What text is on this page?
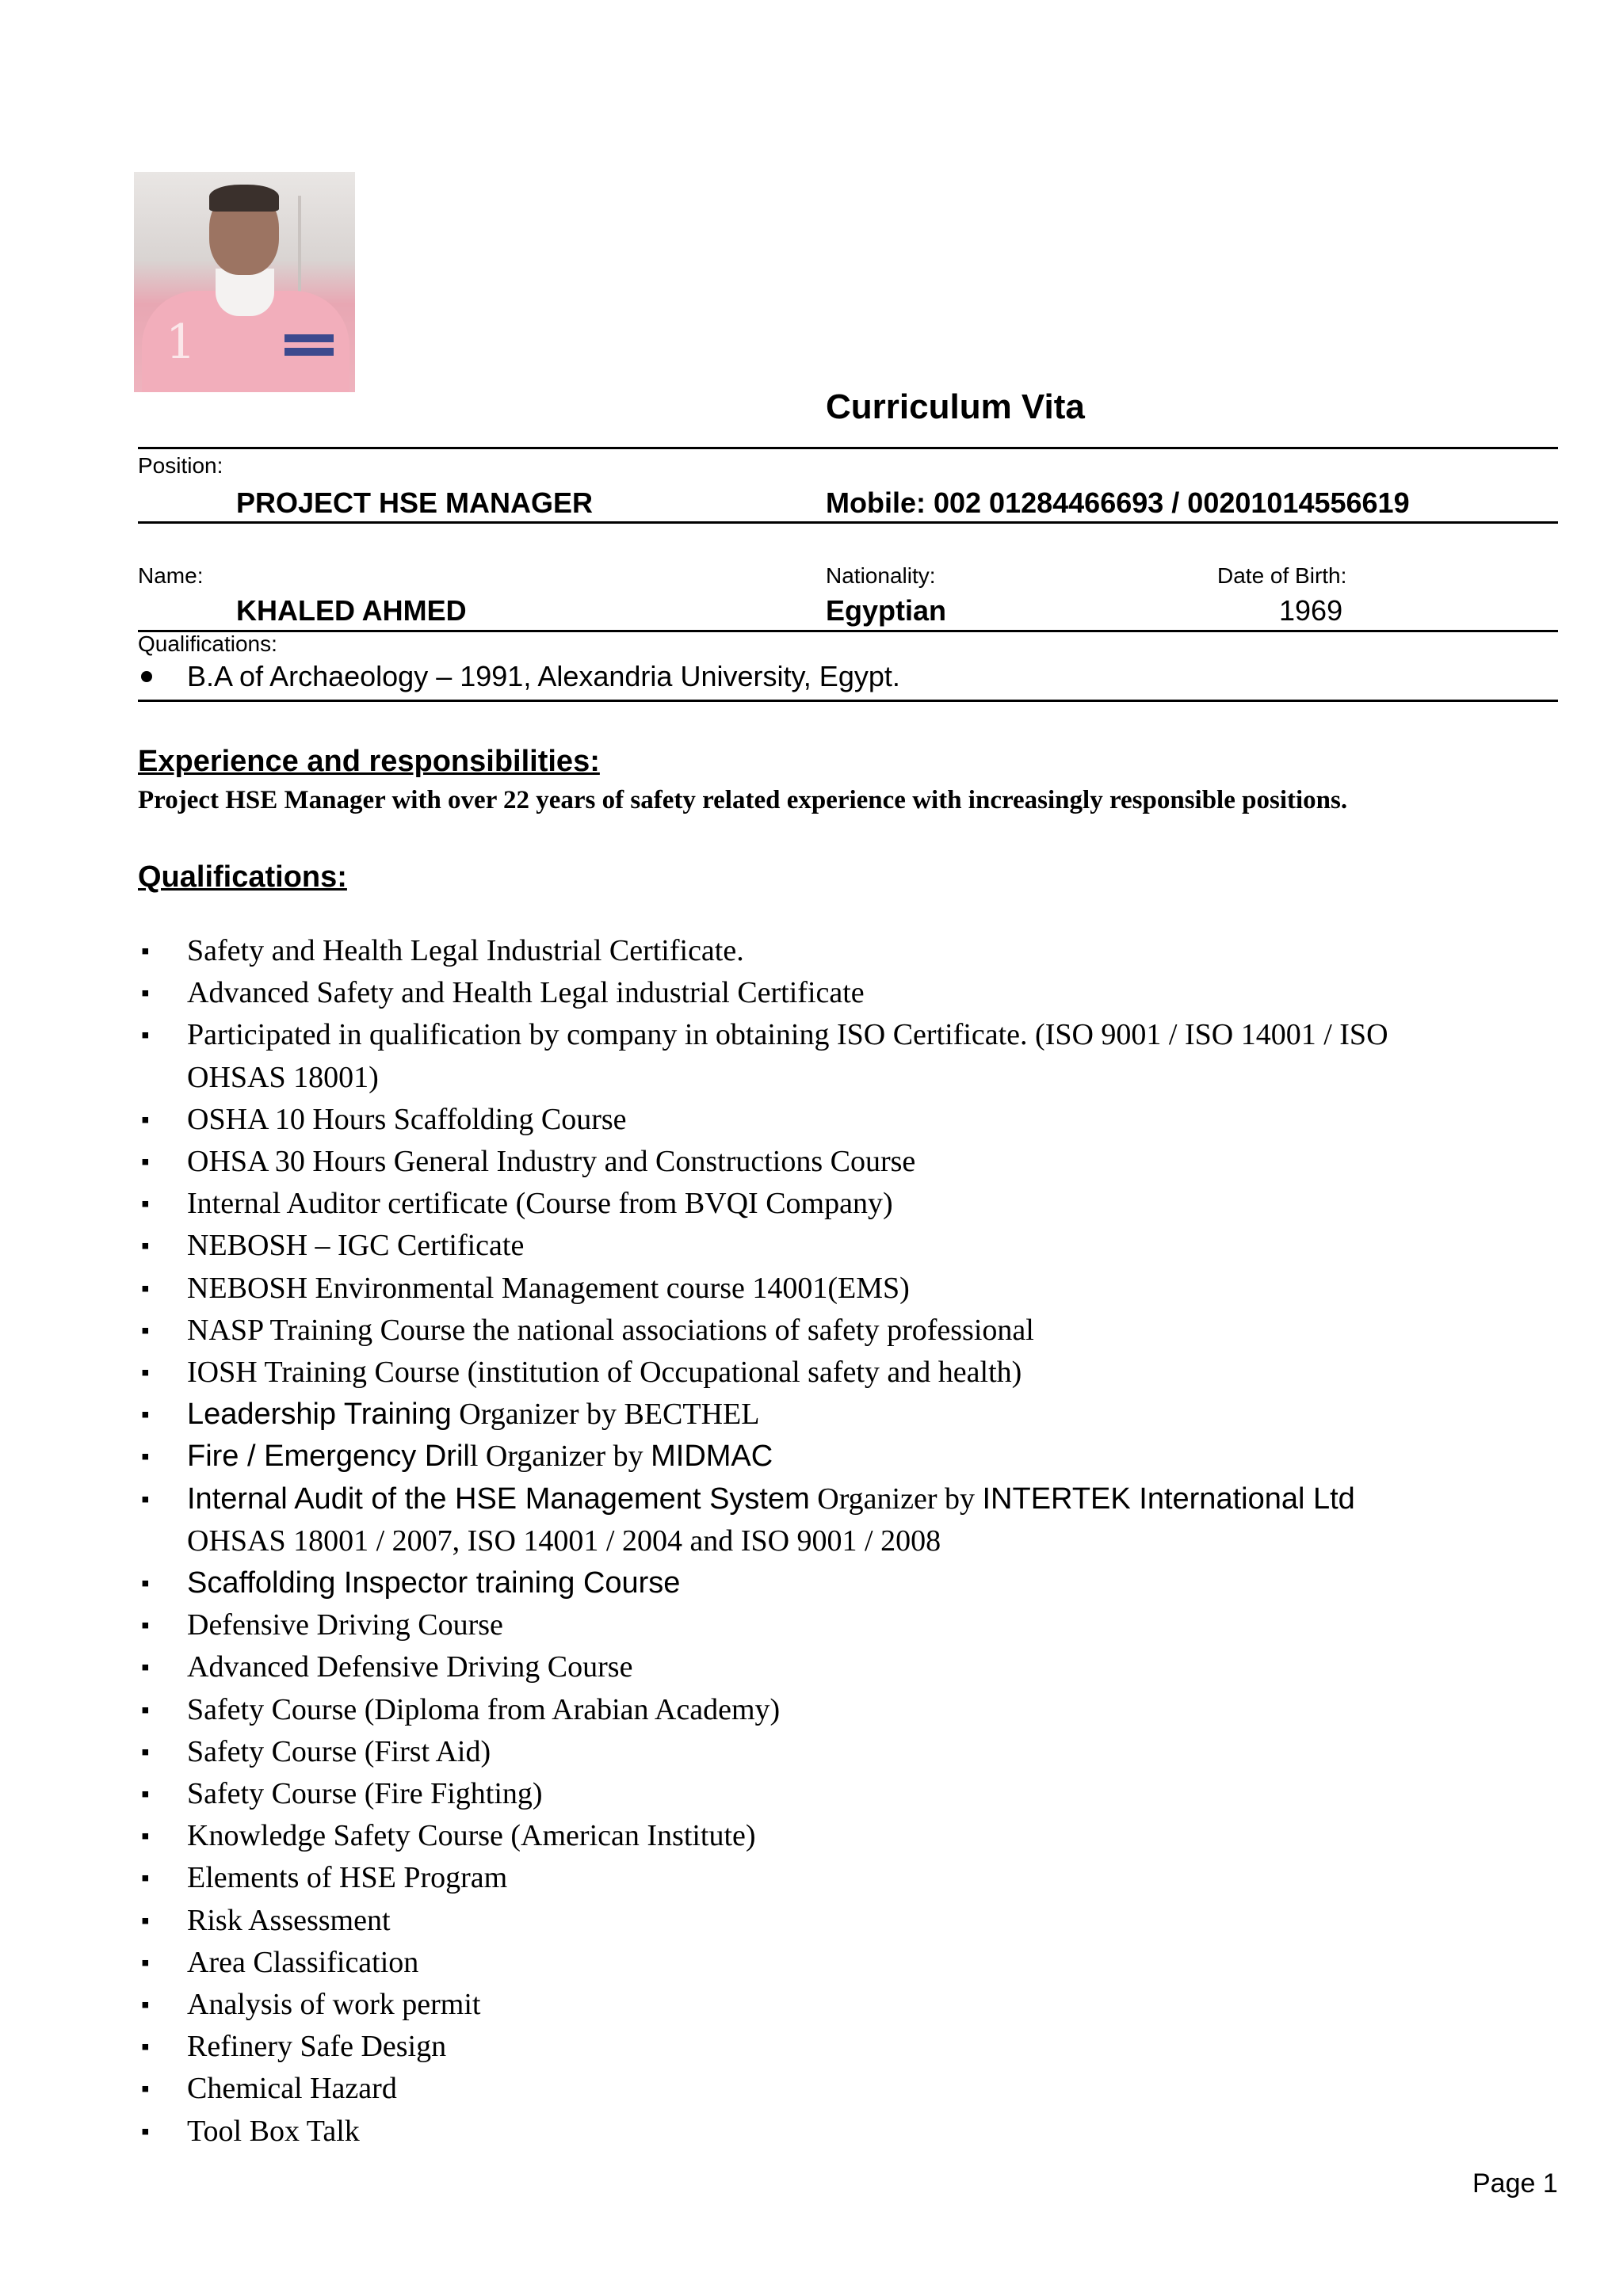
1
Curriculum Vita
Position:
PROJECT HSE MANAGER	Mobile: 002 01284466693 / 00201014556619
Name:	Nationality:	Date of Birth:
KHALED AHMED	Egyptian	1969
Qualifications:
B.A of Archaeology – 1991, Alexandria University, Egypt.
Experience and responsibilities:
Project HSE Manager with over 22 years of safety related experience with increasingly responsible positions.
Qualifications:
▪ Safety and Health Legal Industrial Certificate.
▪ Advanced Safety and Health Legal industrial Certificate
▪ Participated in qualification by company in obtaining ISO Certificate. (ISO 9001 / ISO 14001 / ISO
OHSAS 18001)
▪ OSHA 10 Hours Scaffolding Course
▪ OHSA 30 Hours General Industry and Constructions Course
▪ Internal Auditor certificate (Course from BVQI Company)
▪ NEBOSH – IGC Certificate
▪ NEBOSH Environmental Management course 14001(EMS)
▪ NASP Training Course the national associations of safety professional
▪ IOSH Training Course (institution of Occupational safety and health)
▪ Leadership Training Organizer by BECTHEL
▪ Fire / Emergency Drill Organizer by MIDMAC
▪ Internal Audit of the HSE Management System Organizer by INTERTEK International Ltd
OHSAS 18001 / 2007, ISO 14001 / 2004 and ISO 9001 / 2008
▪ Scaffolding Inspector training Course
▪ Defensive Driving Course
▪ Advanced Defensive Driving Course
▪ Safety Course (Diploma from Arabian Academy)
▪ Safety Course (First Aid)
▪ Safety Course (Fire Fighting)
▪ Knowledge Safety Course (American Institute)
▪ Elements of HSE Program
▪ Risk Assessment
▪ Area Classification
▪ Analysis of work permit
▪ Refinery Safe Design
▪ Chemical Hazard
▪ Tool Box Talk
Page 1
